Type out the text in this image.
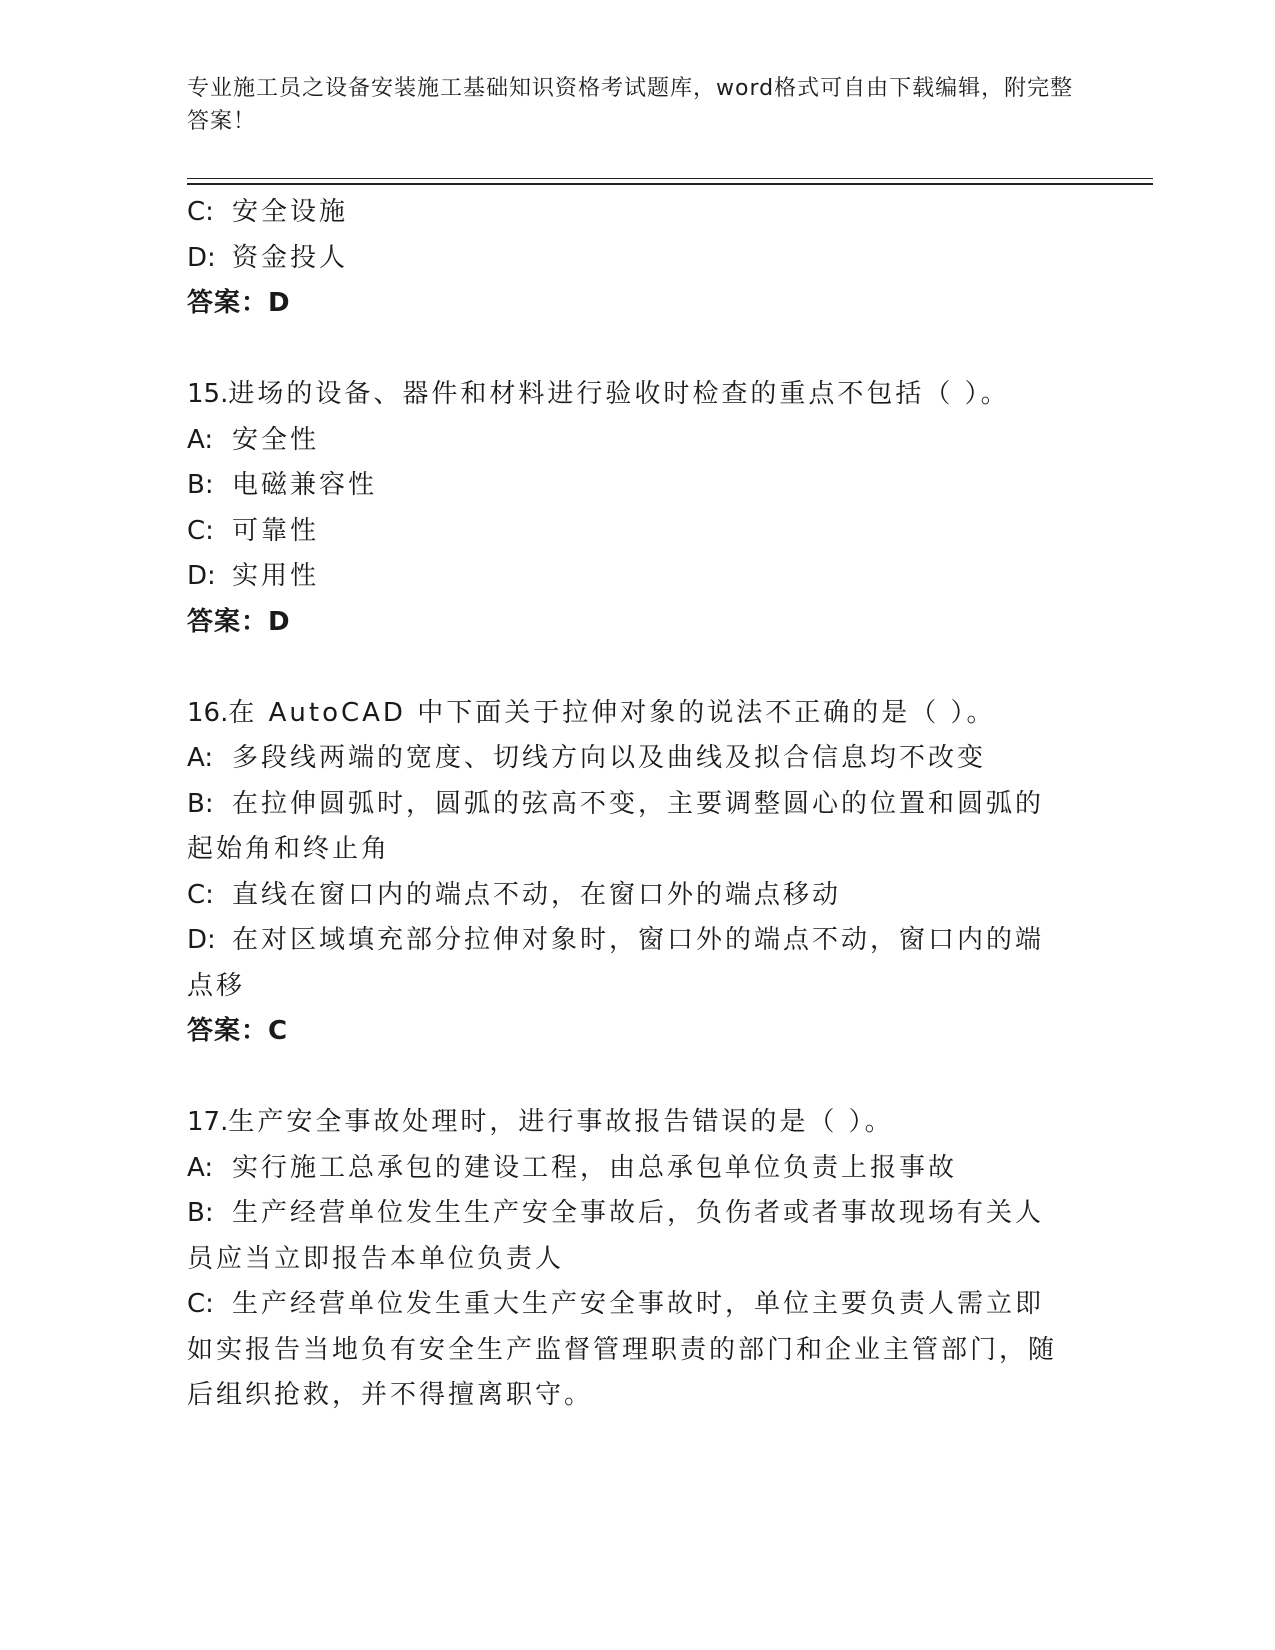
专业施工员之设备安装施工基础知识资格考试题库，word格式可自由下载编辑，附完整答案！
C: 安全设施
D: 资金投人
答案：D
15.进场的设备、器件和材料进行验收时检查的重点不包括（ ）。
A: 安全性
B: 电磁兼容性
C: 可靠性
D: 实用性
答案：D
16.在 AutoCAD 中下面关于拉伸对象的说法不正确的是（ ）。
A: 多段线两端的宽度、切线方向以及曲线及拟合信息均不改变
B: 在拉伸圆弧时，圆弧的弦高不变，主要调整圆心的位置和圆弧的起始角和终止角
C: 直线在窗口内的端点不动，在窗口外的端点移动
D: 在对区域填充部分拉伸对象时，窗口外的端点不动，窗口内的端点移
答案：C
17.生产安全事故处理时，进行事故报告错误的是（ ）。
A: 实行施工总承包的建设工程，由总承包单位负责上报事故
B: 生产经营单位发生生产安全事故后，负伤者或者事故现场有关人员应当立即报告本单位负责人
C: 生产经营单位发生重大生产安全事故时，单位主要负责人需立即如实报告当地负有安全生产监督管理职责的部门和企业主管部门，随后组织抢救，并不得擅离职守。
